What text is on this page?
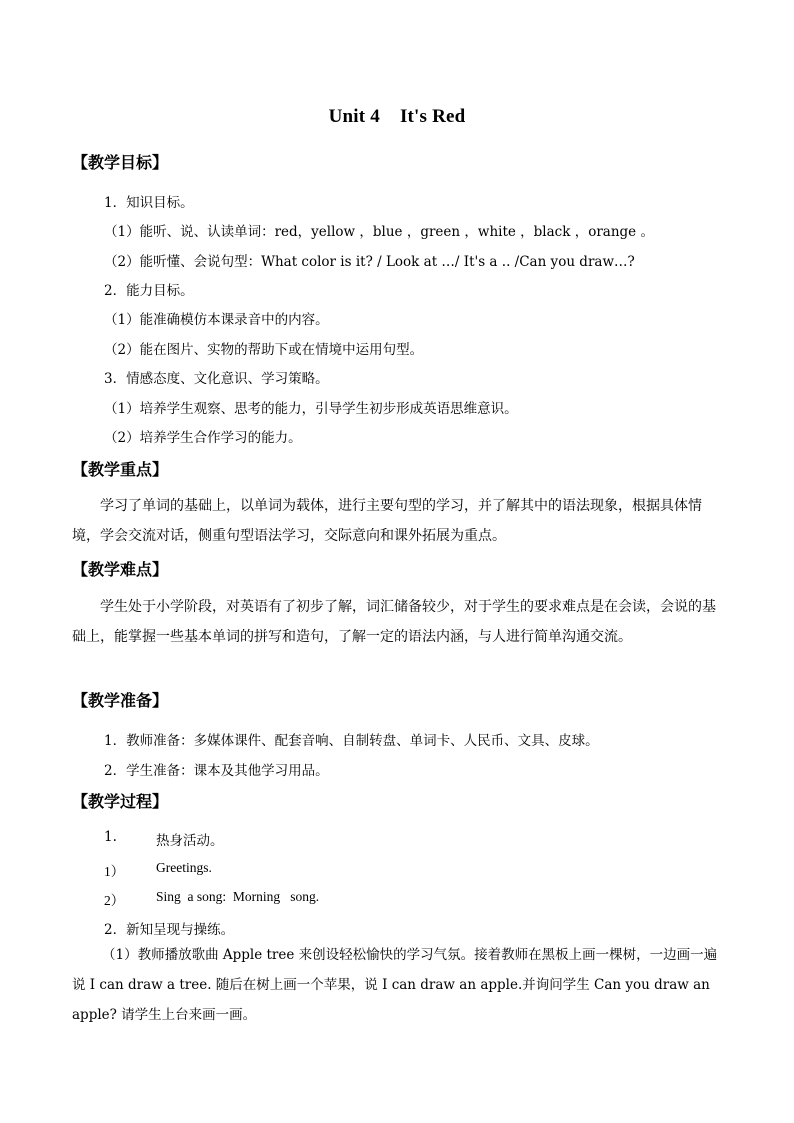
Unit 4 It's Red
【教学目标】
1．知识目标。
（1）能听、说、认读单词：red，yellow ，blue ，green ，white ，black ，orange 。
（2）能听懂、会说句型：What color is it? / Look at …/ It's a .. /Can you draw…?
2．能力目标。
（1）能准确模仿本课录音中的内容。
（2）能在图片、实物的帮助下或在情境中运用句型。
3．情感态度、文化意识、学习策略。
（1）培养学生观察、思考的能力，引导学生初步形成英语思维意识。
（2）培养学生合作学习的能力。
【教学重点】
学习了单词的基础上，以单词为载体，进行主要句型的学习，并了解其中的语法现象，根据具体情境，学会交流对话，侧重句型语法学习，交际意向和课外拓展为重点。
【教学难点】
学生处于小学阶段，对英语有了初步了解，词汇储备较少，对于学生的要求难点是在会读，会说的基础上，能掌握一些基本单词的拼写和造句，了解一定的语法内涵，与人进行简单沟通交流。
【教学准备】
1．教师准备：多媒体课件、配套音响、自制转盘、单词卡、人民币、文具、皮球。
2．学生准备：课本及其他学习用品。
【教学过程】
1.	热身活动。
1） Greetings.
2） Sing  a song:  Morning   song.
2．新知呈现与操练。
（1）教师播放歌曲 Apple tree 来创设轻松愉快的学习气氛。接着教师在黑板上画一棵树，一边画一遍说 I can draw a tree. 随后在树上画一个苹果，说 I can draw an apple.并询问学生 Can you draw an apple? 请学生上台来画一画。
